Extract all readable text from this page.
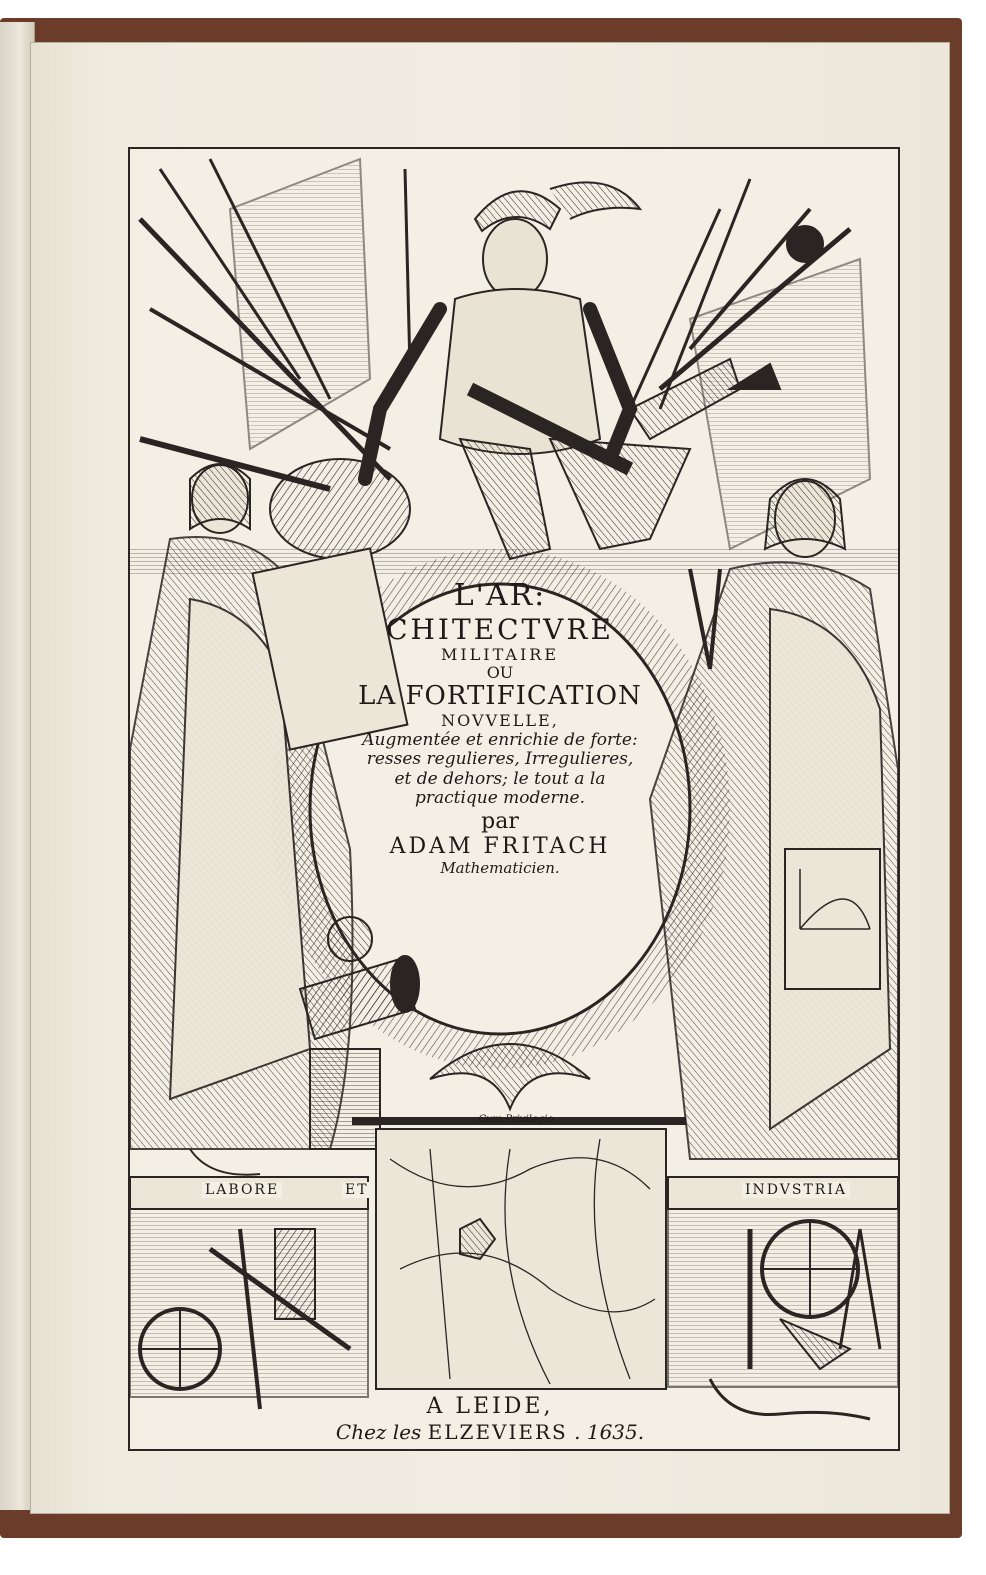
L'AR:
CHITECTVRE
MILITAIRE
OU
LA FORTIFICATION
NOVVELLE,
Augmentée et enrichie de forte:
resses regulieres, Irregulieres,
et de dehors; le tout a la
practique moderne.
par
ADAM FRITACH
Mathematicien.
Cum Privilegio
LABORE	ET	INDVSTRIA
A LEIDE,
Chez les ELZEVIERS . 1635.
